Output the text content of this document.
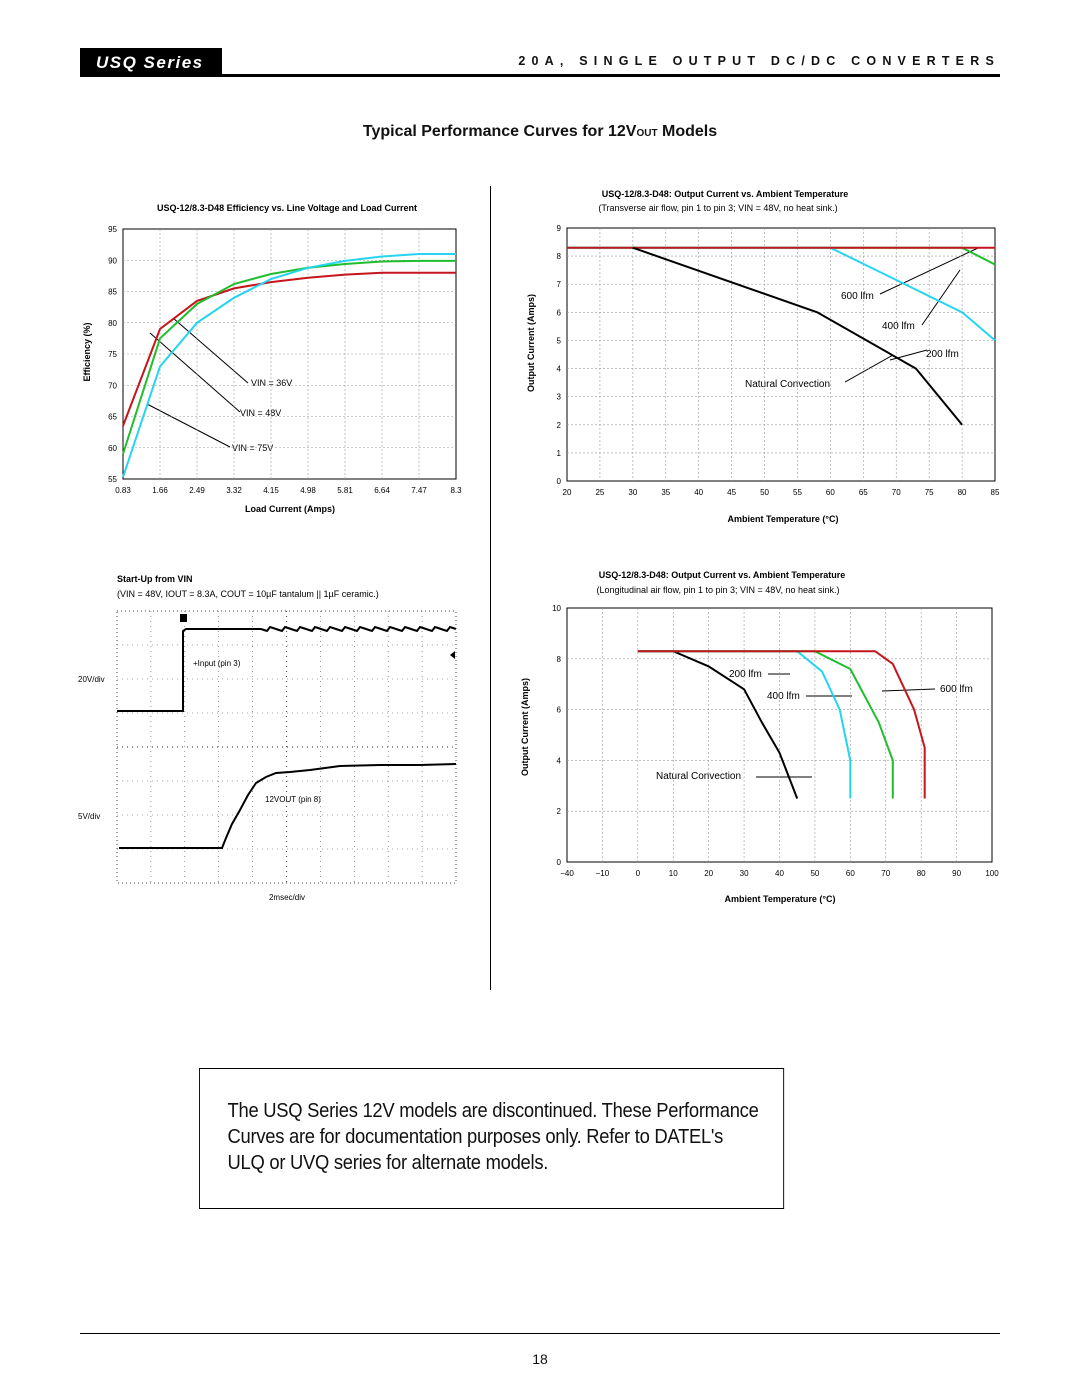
USQ Series	20A, SINGLE OUTPUT DC/DC CONVERTERS
Typical Performance Curves for 12VOUT Models
USQ-12/8.3-D48 Efficiency vs. Line Voltage and Load Current
Load Current (Amps)
Efficiency (%)
VIN = 36V
VIN = 48V
VIN = 75V
USQ-12/8.3-D48: Output Current vs. Ambient Temperature
(Transverse air flow, pin 1 to pin 3; VIN = 48V, no heat sink.)
Ambient Temperature (°C)
Output Current (Amps)	600 lfm
400 lfm
200 lfm
Natural Convection
Start-Up from VIN
(VIN = 48V, IOUT = 8.3A, COUT = 10µF tantalum || 1µF ceramic.)
20V/div
5V/div
2msec/div
+Input (pin 3)
12VOUT (pin 8)
USQ-12/8.3-D48: Output Current vs. Ambient Temperature
(Longitudinal air flow, pin 1 to pin 3; VIN = 48V, no heat sink.)
Ambient Temperature (°C)
Output Current (Amps)
200 lfm
400 lfm
600 lfm
Natural Convection
0.83	1.66	2.49	3.32	4.15	4.98	5.81	6.64	7.47	8.3
55
60
65
70
75
80
85
90
95
20	25	30	35	40	45	50	55	60	65	70	75	80	85
0
1
2
3
4
5
6
7
8
9
−40	−10	0	10	20	30	40	50	60	70	80	90	100
0
2
4
6
8
10
The USQ Series 12V models are discontinued. These Performance Curves are for documentation purposes only. Refer to DATEL's ULQ or UVQ series for alternate models.
18
